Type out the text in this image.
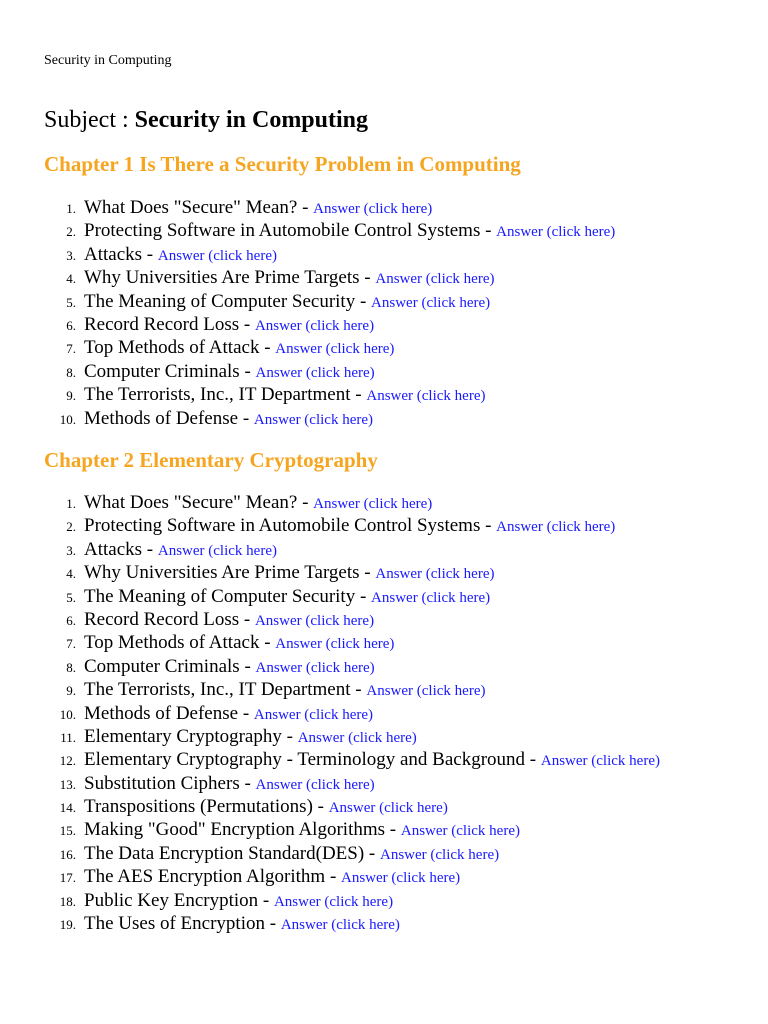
Security in Computing
Subject : Security in Computing
Chapter 1 Is There a Security Problem in Computing
1. What Does "Secure" Mean? - Answer (click here)
2. Protecting Software in Automobile Control Systems - Answer (click here)
3. Attacks - Answer (click here)
4. Why Universities Are Prime Targets - Answer (click here)
5. The Meaning of Computer Security - Answer (click here)
6. Record Record Loss - Answer (click here)
7. Top Methods of Attack - Answer (click here)
8. Computer Criminals - Answer (click here)
9. The Terrorists, Inc., IT Department - Answer (click here)
10. Methods of Defense - Answer (click here)
Chapter 2 Elementary Cryptography
1. What Does "Secure" Mean? - Answer (click here)
2. Protecting Software in Automobile Control Systems - Answer (click here)
3. Attacks - Answer (click here)
4. Why Universities Are Prime Targets - Answer (click here)
5. The Meaning of Computer Security - Answer (click here)
6. Record Record Loss - Answer (click here)
7. Top Methods of Attack - Answer (click here)
8. Computer Criminals - Answer (click here)
9. The Terrorists, Inc., IT Department - Answer (click here)
10. Methods of Defense - Answer (click here)
11. Elementary Cryptography - Answer (click here)
12. Elementary Cryptography - Terminology and Background - Answer (click here)
13. Substitution Ciphers - Answer (click here)
14. Transpositions (Permutations) - Answer (click here)
15. Making "Good" Encryption Algorithms - Answer (click here)
16. The Data Encryption Standard(DES) - Answer (click here)
17. The AES Encryption Algorithm - Answer (click here)
18. Public Key Encryption - Answer (click here)
19. The Uses of Encryption - Answer (click here)
